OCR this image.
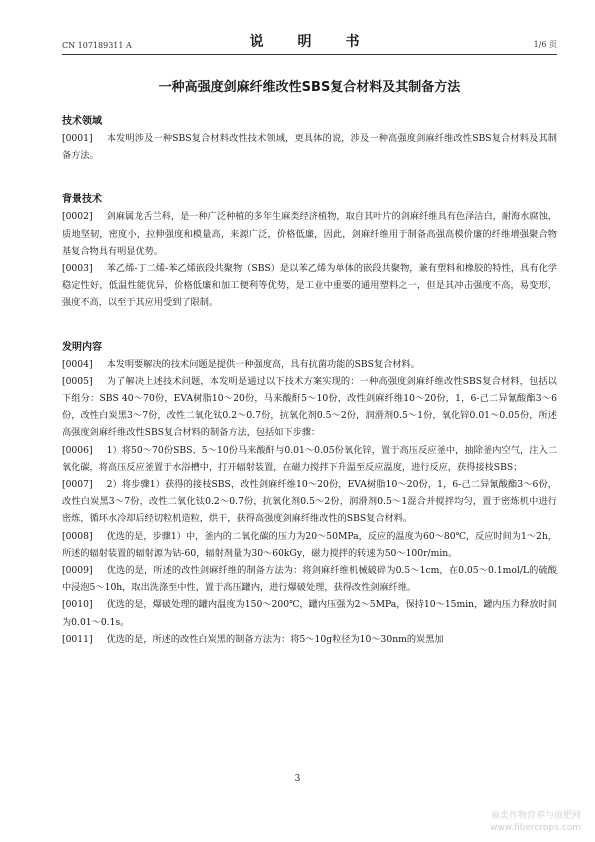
CN 107189311 A	说　明　书	1/6 页
一种高强度剑麻纤维改性SBS复合材料及其制备方法
技术领域

[0001] 本发明涉及一种SBS复合材料改性技术领域，更具体的说，涉及一种高强度剑麻纤维改性SBS复合材料及其制备方法。

背景技术

[0002] 剑麻属龙舌兰科，是一种广泛种植的多年生麻类经济植物，取自其叶片的剑麻纤维具有色泽洁白，耐海水腐蚀，质地坚韧，密度小，拉伸强度和模量高，来源广泛，价格低廉，因此，剑麻纤维用于制备高强高模价廉的纤维增强聚合物基复合物具有明显优势。

[0003] 苯乙烯-丁二烯-苯乙烯嵌段共聚物（SBS）是以苯乙烯为单体的嵌段共聚物，兼有塑料和橡胶的特性，具有化学稳定性好，低温性能优异，价格低廉和加工便利等优势，是工业中重要的通用塑料之一，但是其冲击强度不高，易变形，强度不高，以至于其应用受到了限制。

发明内容

[0004] 本发明要解决的技术问题是提供一种强度高，具有抗菌功能的SBS复合材料。

[0005] 为了解决上述技术问题，本发明是通过以下技术方案实现的：一种高强度剑麻纤维改性SBS复合材料，包括以下组分：SBS 40～70份，EVA树脂10～20份，马来酸酐5～10份，改性剑麻纤维10～20份，1，6-己二异氰酸酯3～6份，改性白炭黑3～7份，改性二氧化钛0.2～0.7份，抗氧化剂0.5～2份，润滑剂0.5～1份，氧化锌0.01～0.05份，所述高强度剑麻纤维改性SBS复合材料的制备方法，包括如下步骤：

[0006] 1）将50～70份SBS、5～10份马来酸酐与0.01～0.05份氧化锌，置于高压反应釜中，抽除釜内空气，注入二氧化碳，将高压反应釜置于水浴槽中，打开辐射装置，在磁力搅拌下升温至反应温度，进行反应，获得接枝SBS；

[0007] 2）将步骤1）获得的接枝SBS，改性剑麻纤维10～20份，EVA树脂10～20份，1，6-己二异氰酸酯3～6份，改性白炭黑3～7份，改性二氧化钛0.2～0.7份，抗氧化剂0.5～2份，润滑剂0.5～1混合并搅拌均匀，置于密炼机中进行密炼，循环水冷却后经切粒机造粒，烘干，获得高强度剑麻纤维改性的SBS复合材料。

[0008] 优选的是，步骤1）中，釜内的二氧化碳的压力为20～50MPa，反应的温度为60～80℃，反应时间为1～2h，所述的辐射装置的辐射源为钴-60，辐射剂量为30～60kGy，磁力搅拌的转速为50～100r/min。

[0009] 优选的是，所述的改性剑麻纤维的制备方法为：将剑麻纤维机械破碎为0.5～1cm，在0.05～0.1mol/L的硫酸中浸泡5～10h，取出洗涤至中性，置于高压罐内，进行爆破处理，获得改性剑麻纤维。

[0010] 优选的是，爆破处理的罐内温度为150～200℃，罐内压强为2～5MPa，保持10～15min，罐内压力释放时间为0.01～0.1s。

[0011] 优选的是，所述的改性白炭黑的制备方法为：将5～10g粒径为10～30nm的炭黑加

3
麻类作物营养与施肥网
www.fibercrops.com
